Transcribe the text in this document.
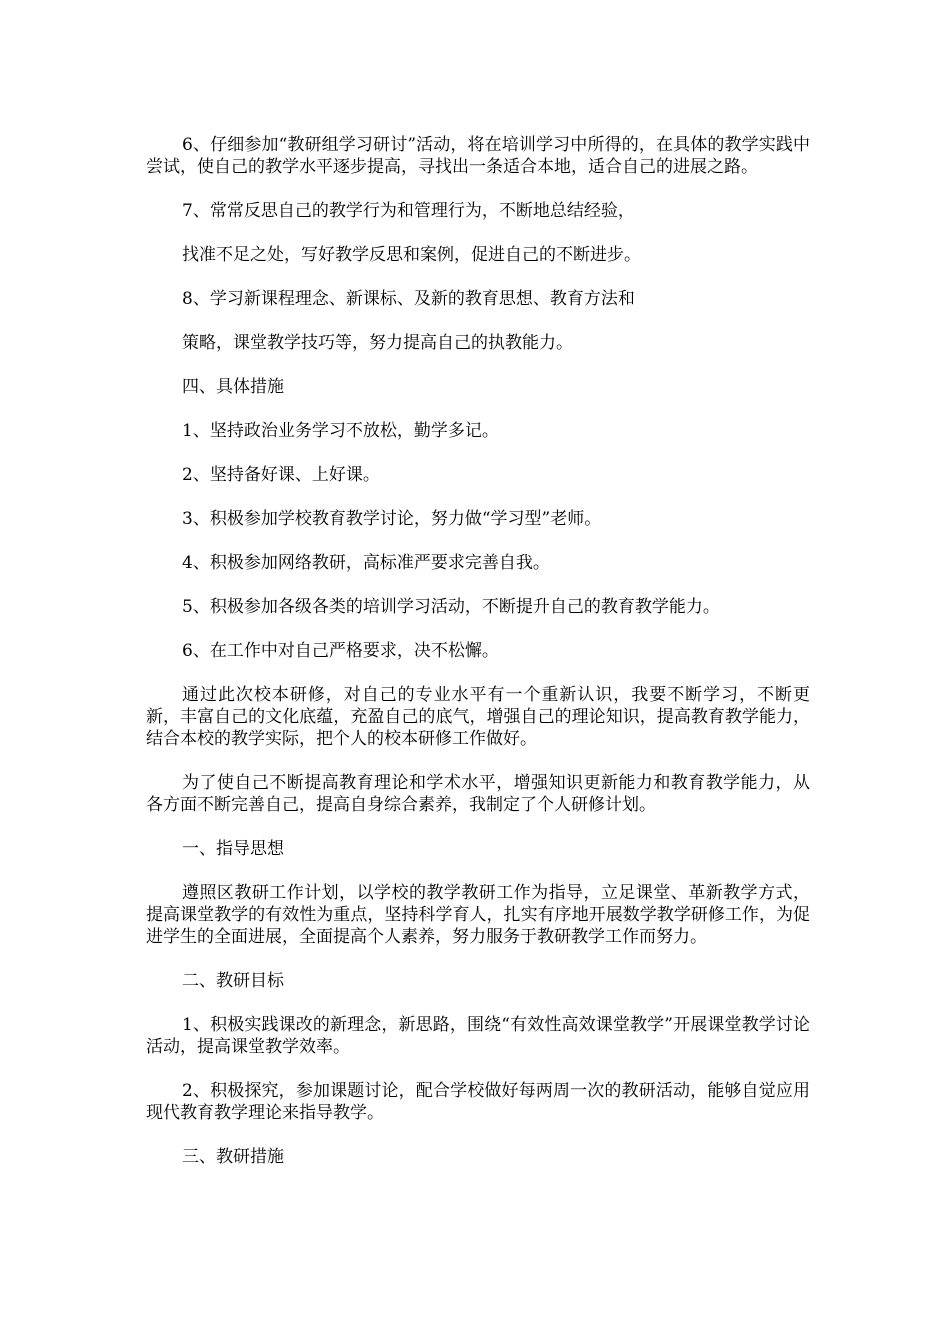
6、仔细参加“教研组学习研讨”活动，将在培训学习中所得的，在具体的教学实践中尝试，使自己的教学水平逐步提高，寻找出一条适合本地，适合自己的进展之路。

7、常常反思自己的教学行为和管理行为，不断地总结经验，

找准不足之处，写好教学反思和案例，促进自己的不断进步。

8、学习新课程理念、新课标、及新的教育思想、教育方法和

策略，课堂教学技巧等，努力提高自己的执教能力。

四、具体措施

1、坚持政治业务学习不放松，勤学多记。

2、坚持备好课、上好课。

3、积极参加学校教育教学讨论，努力做“学习型”老师。

4、积极参加网络教研，高标准严要求完善自我。

5、积极参加各级各类的培训学习活动，不断提升自己的教育教学能力。

6、在工作中对自己严格要求，决不松懈。

通过此次校本研修，对自己的专业水平有一个重新认识，我要不断学习，不断更新，丰富自己的文化底蕴，充盈自己的底气，增强自己的理论知识，提高教育教学能力，结合本校的教学实际，把个人的校本研修工作做好。

为了使自己不断提高教育理论和学术水平，增强知识更新能力和教育教学能力，从各方面不断完善自己，提高自身综合素养，我制定了个人研修计划。

一、指导思想

遵照区教研工作计划，以学校的教学教研工作为指导，立足课堂、革新教学方式，提高课堂教学的有效性为重点，坚持科学育人，扎实有序地开展数学教学研修工作，为促进学生的全面进展，全面提高个人素养，努力服务于教研教学工作而努力。

二、教研目标

1、积极实践课改的新理念，新思路，围绕“有效性高效课堂教学”开展课堂教学讨论活动，提高课堂教学效率。

2、积极探究，参加课题讨论，配合学校做好每两周一次的教研活动，能够自觉应用现代教育教学理论来指导教学。

三、教研措施
